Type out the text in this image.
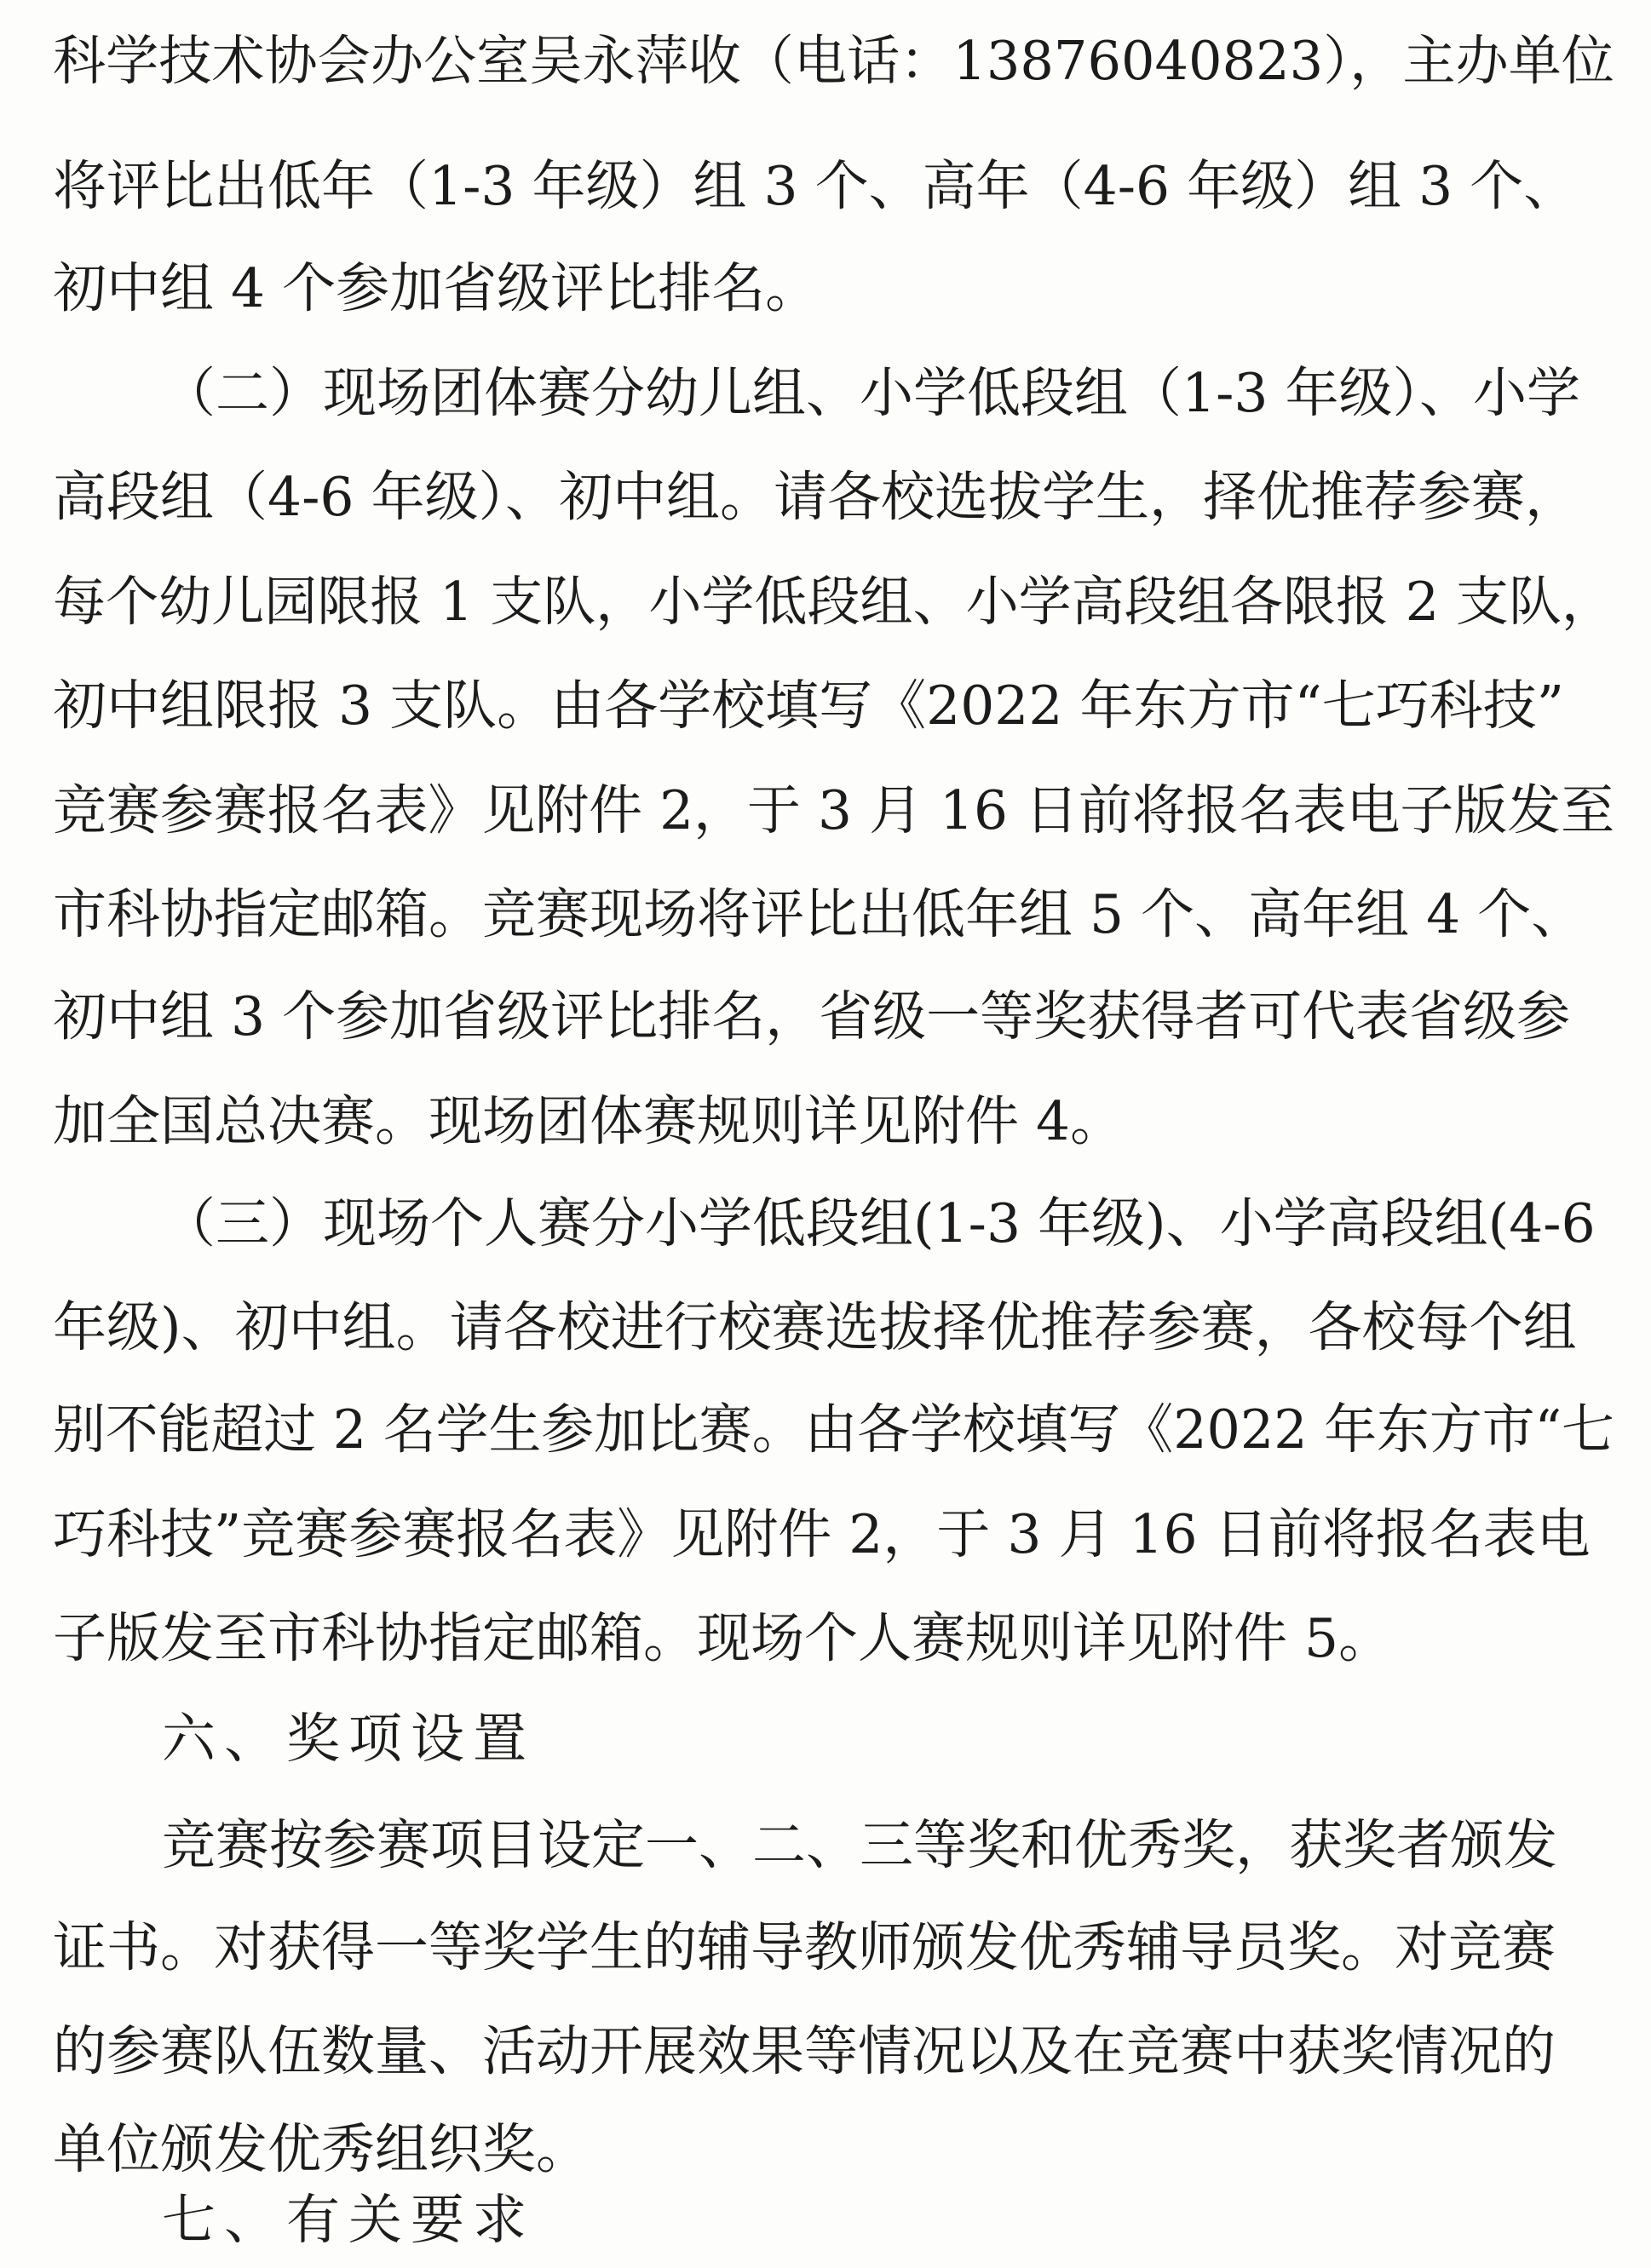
科学技术协会办公室吴永萍收（电话：13876040823），主办单位
将评比出低年（1-3 年级）组 3 个、高年（4-6 年级）组 3 个、
初中组 4 个参加省级评比排名。
（二）现场团体赛分幼儿组、小学低段组（1-3 年级）、小学
高段组（4-6 年级）、初中组。请各校选拔学生，择优推荐参赛，
每个幼儿园限报 1 支队，小学低段组、小学高段组各限报 2 支队，
初中组限报 3 支队。由各学校填写《2022 年东方市“七巧科技”
竞赛参赛报名表》见附件 2，于 3 月 16 日前将报名表电子版发至
市科协指定邮箱。竞赛现场将评比出低年组 5 个、高年组 4 个、
初中组 3 个参加省级评比排名，省级一等奖获得者可代表省级参
加全国总决赛。现场团体赛规则详见附件 4。
（三）现场个人赛分小学低段组(1-3 年级)、小学高段组(4-6
年级)、初中组。请各校进行校赛选拔择优推荐参赛，各校每个组
别不能超过 2 名学生参加比赛。由各学校填写《2022 年东方市“七
巧科技”竞赛参赛报名表》见附件 2，于 3 月 16 日前将报名表电
子版发至市科协指定邮箱。现场个人赛规则详见附件 5。
六、奖项设置
竞赛按参赛项目设定一、二、三等奖和优秀奖，获奖者颁发
证书。对获得一等奖学生的辅导教师颁发优秀辅导员奖。对竞赛
的参赛队伍数量、活动开展效果等情况以及在竞赛中获奖情况的
单位颁发优秀组织奖。
七、有关要求
